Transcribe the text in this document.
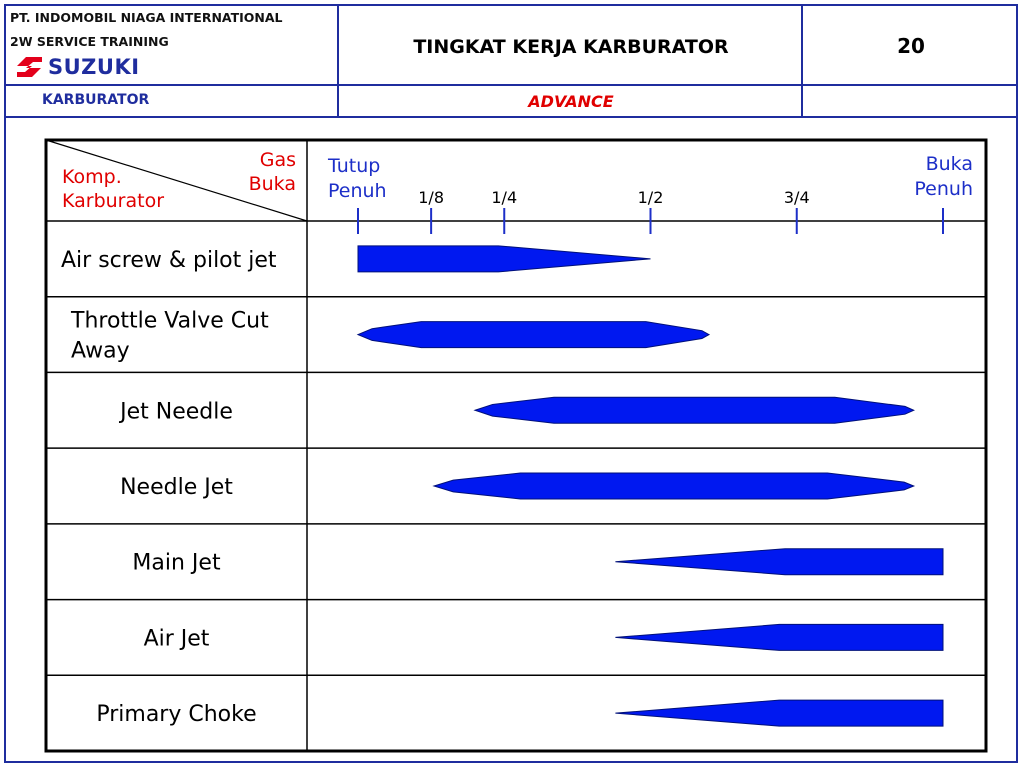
PT. INDOMOBIL NIAGA INTERNATIONAL
2W SERVICE TRAINING
SUZUKI
TINGKAT KERJA KARBURATOR	20
KARBURATOR	ADVANCE
Gas
Buka
Komp.
Karburator
Tutup
Penuh
Buka
Penuh
1/8	1/4	1/2	3/4
Air screw & pilot jet
Throttle Valve Cut
Away
Jet Needle
Needle Jet
Main Jet
Air Jet
Primary Choke
